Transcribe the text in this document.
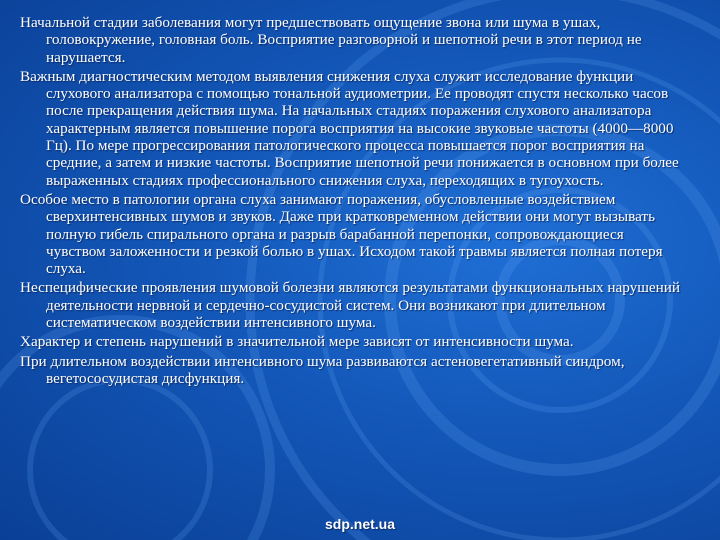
Начальной стадии заболевания могут предшествовать ощущение звона или шума в ушах, головокружение, головная боль. Восприятие разговорной и шепотной речи в этот период не нарушается.

Важным диагностическим методом выявления снижения слуха служит исследование функции слухового анализатора с помощью тональной аудиометрии. Ее проводят спустя несколько часов после прекращения действия шума. На начальных стадиях поражения слухового анализатора характерным является повышение порога восприятия на высокие звуковые частоты (4000—8000 Гц). По мере прогрессирования патологического процесса повышается порог восприятия на средние, а затем и низкие частоты. Восприятие шепотной речи понижается в основном при более выраженных стадиях профессионального снижения слуха, переходящих в тугоухость.

Особое место в патологии органа слуха занимают поражения, обусловленные воздействием сверхинтенсивных шумов и звуков. Даже при кратковременном действии они могут вызывать полную гибель спирального органа и разрыв барабанной перепонки, сопровождающиеся чувством заложенности и резкой болью в ушах. Исходом такой травмы является полная потеря слуха.

Неспецифические проявления шумовой болезни являются результатами функциональных нарушений деятельности нервной и сердечно-сосудистой систем. Они возникают при длительном систематическом воздействии интенсивного шума.

Характер и степень нарушений в значительной мере зависят от интенсивности шума.

При длительном воздействии интенсивного шума развиваются астеновегетативный синдром, вегетососудистая дисфункция.

sdp.net.ua
